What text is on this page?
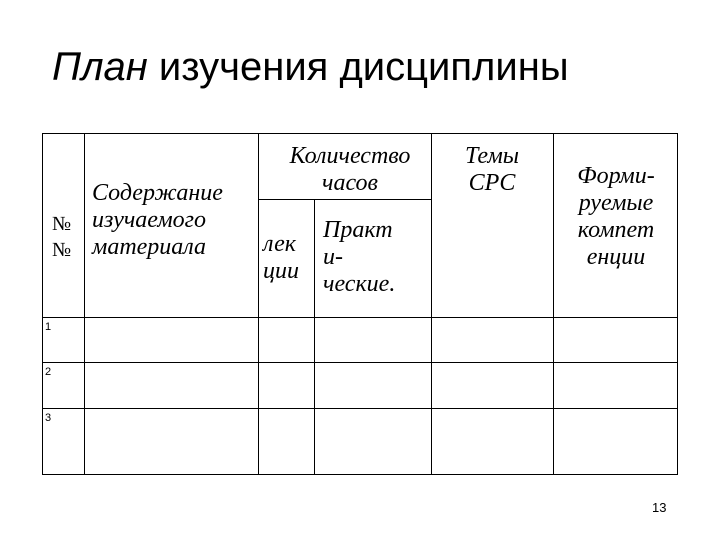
План изучения дисциплины
№
№
Содержание
изучаемого
материала
Количество
часов
лек
ции
Практ
и-
ческие.
Темы
СРС	Форми-
руемые
компет
енции
1
2
3
13
